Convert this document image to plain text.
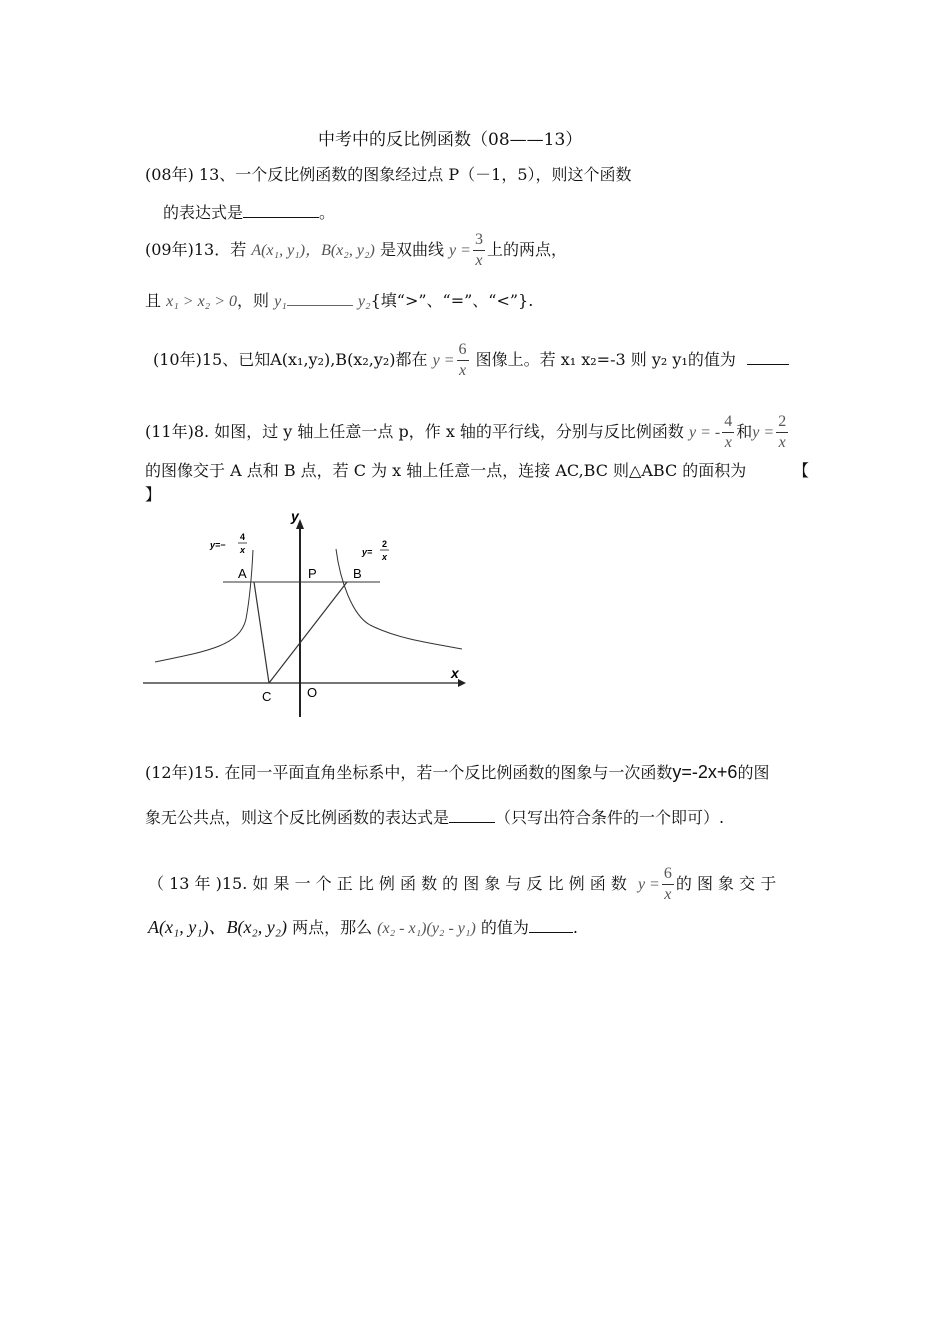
中考中的反比例函数（08——13）
(08年) 13、一个反比例函数的图象经过点 P（－1，5），则这个函数
的表达式是	。
(09年)13．若 A(x₁, y₁)，B(x₂, y₂) 是双曲线 $y = \frac{3}{x}$ 上的两点，
且 x₁ > x₂ > 0，则 y₁	y₂{填“>”、“=”、“<”}.
(10年)15、已知A(x₁,y₂),B(x₂,y₂)都在 $y = \frac{6}{x}$ 图像上。若 x₁ x₂=-3 则 y₂ y₁的值为
(11年)8. 如图，过 y 轴上任意一点 p，作 x 轴的平行线，分别与反比例函数 y = - $\frac{4}{x}$ 和$y = \frac{2}{x}$
的图像交于 A 点和 B 点，若 C 为 x 轴上任意一点，连接 AC,BC 则△ABC 的面积为	【
】
y
x
A	P	B
C	O
y=−
4
x	y=
2
x
(12年)15. 在同一平面直角坐标系中，若一个反比例函数的图象与一次函数y=-2x+6的图
象无公共点，则这个反比例函数的表达式是	（只写出符合条件的一个即可）.
（ 13 年 )15. 如 果 一 个 正 比 例 函 数 的 图 象 与 反 比 例 函 数 $y = \frac{6}{x}$ 的 图 象 交 于
A(x₁, y₁)、B(x₂, y₂) 两点，那么 (x₂ - x₁)(y₂ - y₁) 的值为	.
